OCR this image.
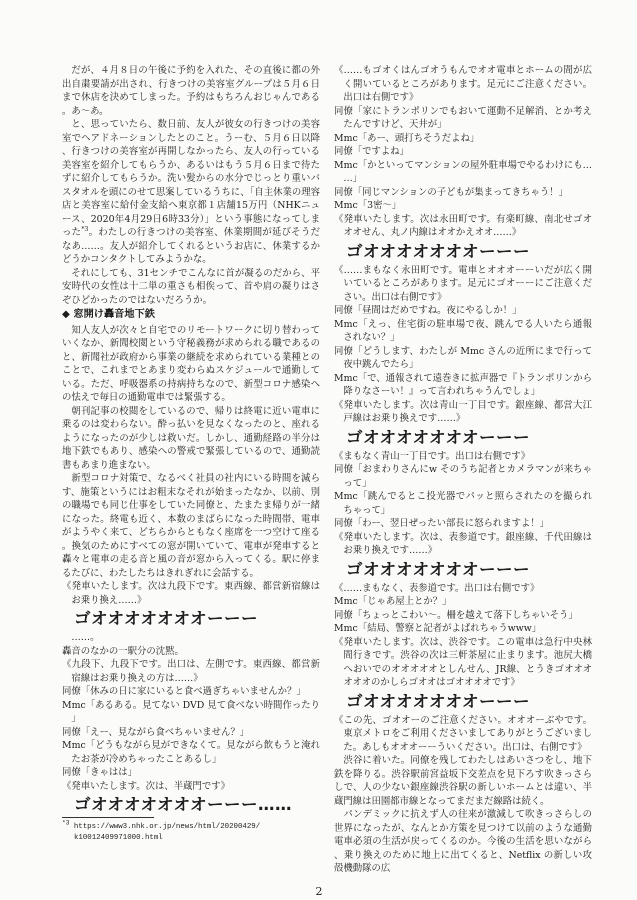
だが、４月８日の午後に予約を入れた、その直後に都の外出自粛要請が出され、行きつけの美容室グループは５月６日まで休店を決めてしまった。予約はもちろんおじゃんである。あ〜あ。

と、思っていたら、数日前、友人が彼女の行きつけの美容室でヘアドネーションしたとのこと。うーむ、５月６日以降、行きつけの美容室が再開しなかったら、友人の行っている美容室を紹介してもらうか、あるいはもう５月６日まで待たずに紹介してもらうか。洗い髪からの水分でじっとり重いバスタオルを頭にのせて思案しているうちに、「自主休業の理容店と美容室に給付金支給へ東京都１店舗15万円（NHKニュース、2020年4月29日6時33分）」という事態になってしまった$^{*3}$。わたしの行きつけの美容室、休業期間が延びそうだなあ……。友人が紹介してくれるというお店に、休業するかどうかコンタクトしてみようかな。

それにしても、31センチでこんなに首が凝るのだから、平安時代の女性は十二単の重さも相俟って、首や肩の凝りはさぞひどかったのではないだろうか。

◆ 窓開け轟音地下鉄

知人友人が次々と自宅でのリモートワークに切り替わっていくなか、新聞校閲という守秘義務が求められる職であるのと、新聞社が政府から事業の継続を求められている業種とのことで、これまでとあまり変わらぬスケジュールで通勤している。ただ、呼吸器系の持病持ちなので、新型コロナ感染への怯えで毎日の通勤電車では緊張する。

朝刊記事の校閲をしているので、帰りは終電に近い電車に乗るのは変わらない。酔っ払いを見なくなったのと、座れるようになったのが少しは救いだ。しかし、通勤経路の半分は地下鉄でもあり、感染への警戒で緊張しているので、通勤読書もあまり進まない。

新型コロナ対策で、なるべく社員の社内にいる時間を減らす、施策というにはお粗末なそれが始まったなか、以前、別の職場でも同じ仕事をしていた同僚と、たまたま帰りが一緒になった。終電も近く、本数のまばらになった時間帯、電車がようやく来て、どちらからともなく座席を一つ空けて座る。換気のためにすべての窓が開いていて、電車が発車すると轟々と電車の走る音と風の音が窓から入ってくる。駅に停まるたびに、わたしたちはきれぎれに会話する。

《発車いたします。次は九段下です。東西線、都営新宿線はお乗り換え……》

ゴオオオオオオオーーー

……。

轟音のなかの一駅分の沈黙。

《九段下、九段下です。出口は、左側です。東西線、都営新宿線はお乗り換えの方は……》

同僚「休みの日に家にいると食べ過ぎちゃいませんか？」

Mmc「あるある。見てない DVD 見て食べない時間作ったり」

同僚「えー、見ながら食べちゃいません？」

Mmc「どうもながら見ができなくて。見ながら飲もうと淹れたお茶が冷めちゃったことあるし」

同僚「きゃはは」

《発車いたします。次は、半蔵門です》

ゴオオオオオオオーーー……

《……もゴオくはんゴオうもんでオオ電車とホームの間が広く開いているところがあります。足元にご注意ください。出口は右側です》

同僚「家にトランポリンでもおいて運動不足解消、とか考えたんですけど、天井が」

Mmc「あー、頭打ちそうだよね」

同僚「ですよね」

Mmc「かといってマンションの屋外駐車場でやるわけにも……」

同僚「同じマンションの子どもが集まってきちゃう！」

Mmc「3密〜」

《発車いたします。次は永田町です。有楽町線、南北せゴオオオせん、丸ノ内線はオオかえオオ……》

ゴオオオオオオオーーー

《……まもなく永田町です。電車とオオオーーいだが広く開いているところがあります。足元にゴオーーにご注意ください。出口は右側です》

同僚「昼間はだめですね。夜にやるしか！」

Mmc「えっ、住宅街の駐車場で夜、跳んでる人いたら通報されない？」

同僚「どうします、わたしが Mmc さんの近所にまで行って夜中跳んでたら」

Mmc「で、通報されて遠巻きに拡声器で『トランポリンから降りなさーい！』って言われちゃうんでしょ」

《発車いたします。次は青山一丁目です。銀座線、都営大江戸線はお乗り換えです……》

ゴオオオオオオオーーー

《まもなく青山一丁目です。出口は右側です》

同僚「おまわりさんにw そのうち記者とカメラマンが来ちゃって」

Mmc「跳んでるとこ投光器でパッと照らされたのを撮られちゃって」

同僚「わー、翌日ぜったい部長に怒られますよ！」

《発車いたします。次は、表参道です。銀座線、千代田線はお乗り換えです……》

ゴオオオオオオオーーー

《……まもなく、表参道です。出口は右側です》

Mmc「じゃあ屋上とか？」

同僚「ちょっとこわい〜。柵を越えて落下しちゃいそう」

Mmc「結局、警察と記者がよばれちゃうwww」

《発車いたします。次は、渋谷です。この電車は急行中央林間行きです。渋谷の次は三軒茶屋に止まります。池尻大橋へおいでのオオオオオとしんせん、JR線、とうきゴオオオオオオのかしらゴオオはゴオオオオです》

ゴオオオオオオオーーー

《この先、ゴオオーのご注意ください。オオオーぶやです。東京メトロをご利用くださいましてありがとうございました。あしもオオオーーういください。出口は、右側です》

渋谷に着いた。同僚を残してわたしはあいさつをし、地下鉄を降りる。渋谷駅前宮益坂下交差点を見下ろす吹きっさらしで、人の少ない銀座線渋谷駅の新しいホームとは違い、半蔵門線は田園都市線となってまだまだ線路は続く。

パンデミックに抗えず人の往来が激減して吹きっさらしの世界になったが、なんとか方策を見つけて以前のような通勤電車必須の生活が戻ってくるのか。今後の生活を思いながら、乗り換えのために地上に出てくると、Netflix の新しい攻殻機動隊の広

$^{*3}$ https://www3.nhk.or.jp/news/html/20200429/
k10012409971000.html
2
